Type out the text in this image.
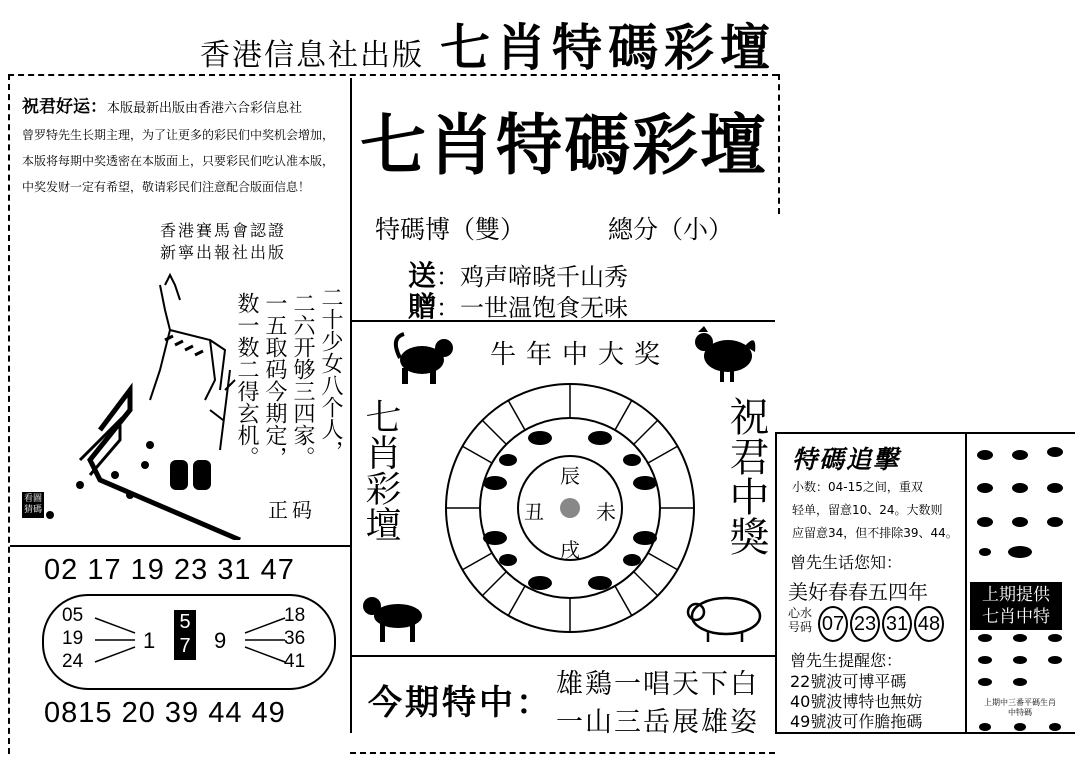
香港信息社出版 七肖特碼彩壇
祝君好运：本版最新出版由香港六合彩信息社
曾罗特先生长期主理，为了让更多的彩民们中奖机会增加，
本版将每期中奖透密在本版面上，只要彩民们吃认准本版，
中奖发财一定有希望，敬请彩民们注意配合版面信息！
香港賽馬會認證
新寧出報社出版
看圖猜碼
二十少女八个人，
二六开够三四家。
一五取码今期定，
数一数二得玄机。
正码
02 17 19 23 31 47
05
19
24
18
36
41
1
5
7 9
0815 20 39 44 49
七肖特碼彩壇
特碼博（雙）	總分（小）
送：鸡声啼晓千山秀
贈：一世温饱食无味
牛年中大奖
七肖彩壇	祝君中獎
辰
未
戌
丑
今期特中： 雄鶏一唱天下白
一山三岳展雄姿
特碼追擊
小数：04-15之间，重双
轻单，留意10、24。大数则
应留意34，但不排除39、44。
曾先生话您知：
美好春春五四年
心水
号码 07 23 31 48
曾先生提醒您：
22號波可博平碼
40號波博特也無妨
49號波可作膽拖碼
上期提供
七肖中特
上期中三番平碼生肖
中特碼
